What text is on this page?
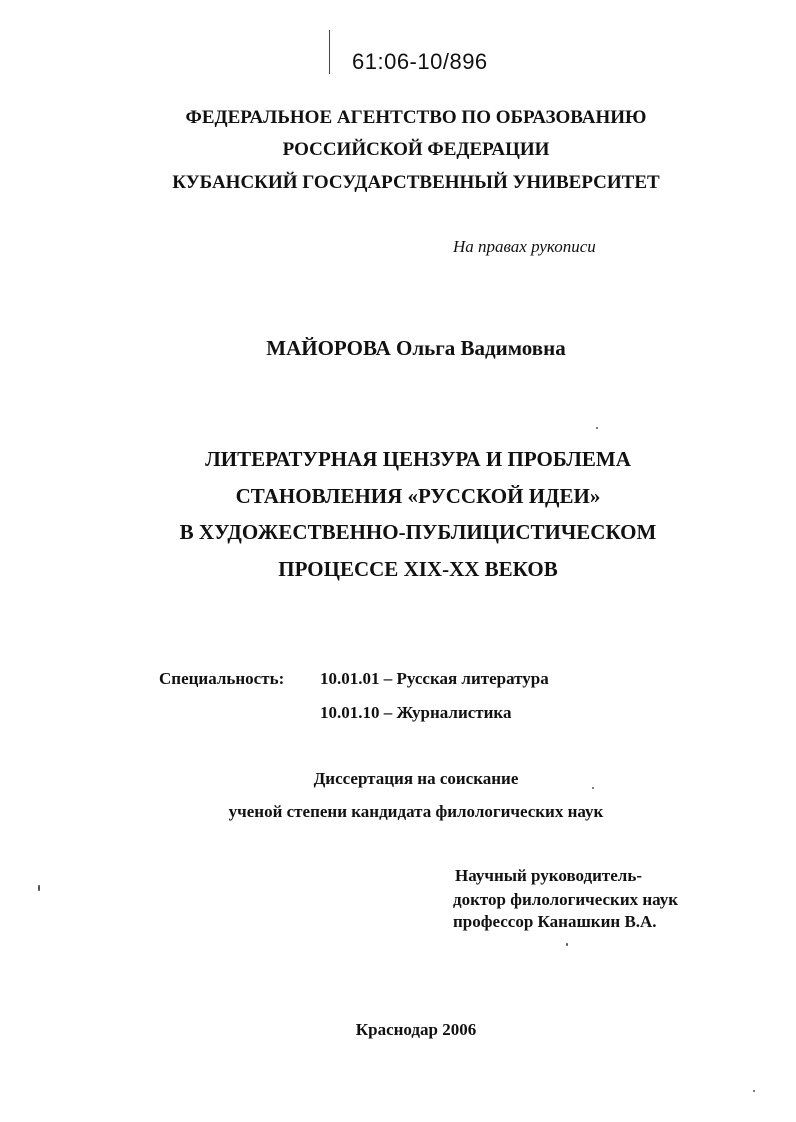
61:06-10/896
ФЕДЕРАЛЬНОЕ АГЕНТСТВО ПО ОБРАЗОВАНИЮ
РОССИЙСКОЙ ФЕДЕРАЦИИ
КУБАНСКИЙ ГОСУДАРСТВЕННЫЙ УНИВЕРСИТЕТ
На правах рукописи
МАЙОРОВА Ольга Вадимовна
ЛИТЕРАТУРНАЯ ЦЕНЗУРА И ПРОБЛЕМА
СТАНОВЛЕНИЯ «РУССКОЙ ИДЕИ»
В ХУДОЖЕСТВЕННО-ПУБЛИЦИСТИЧЕСКОМ
ПРОЦЕССЕ XIX-XX ВЕКОВ
Специальность: 10.01.01 – Русская литература
10.01.10 – Журналистика
Диссертация на соискание
ученой степени кандидата филологических наук
Научный руководитель-
доктор филологических наук
профессор Канашкин В.А.
Краснодар 2006
